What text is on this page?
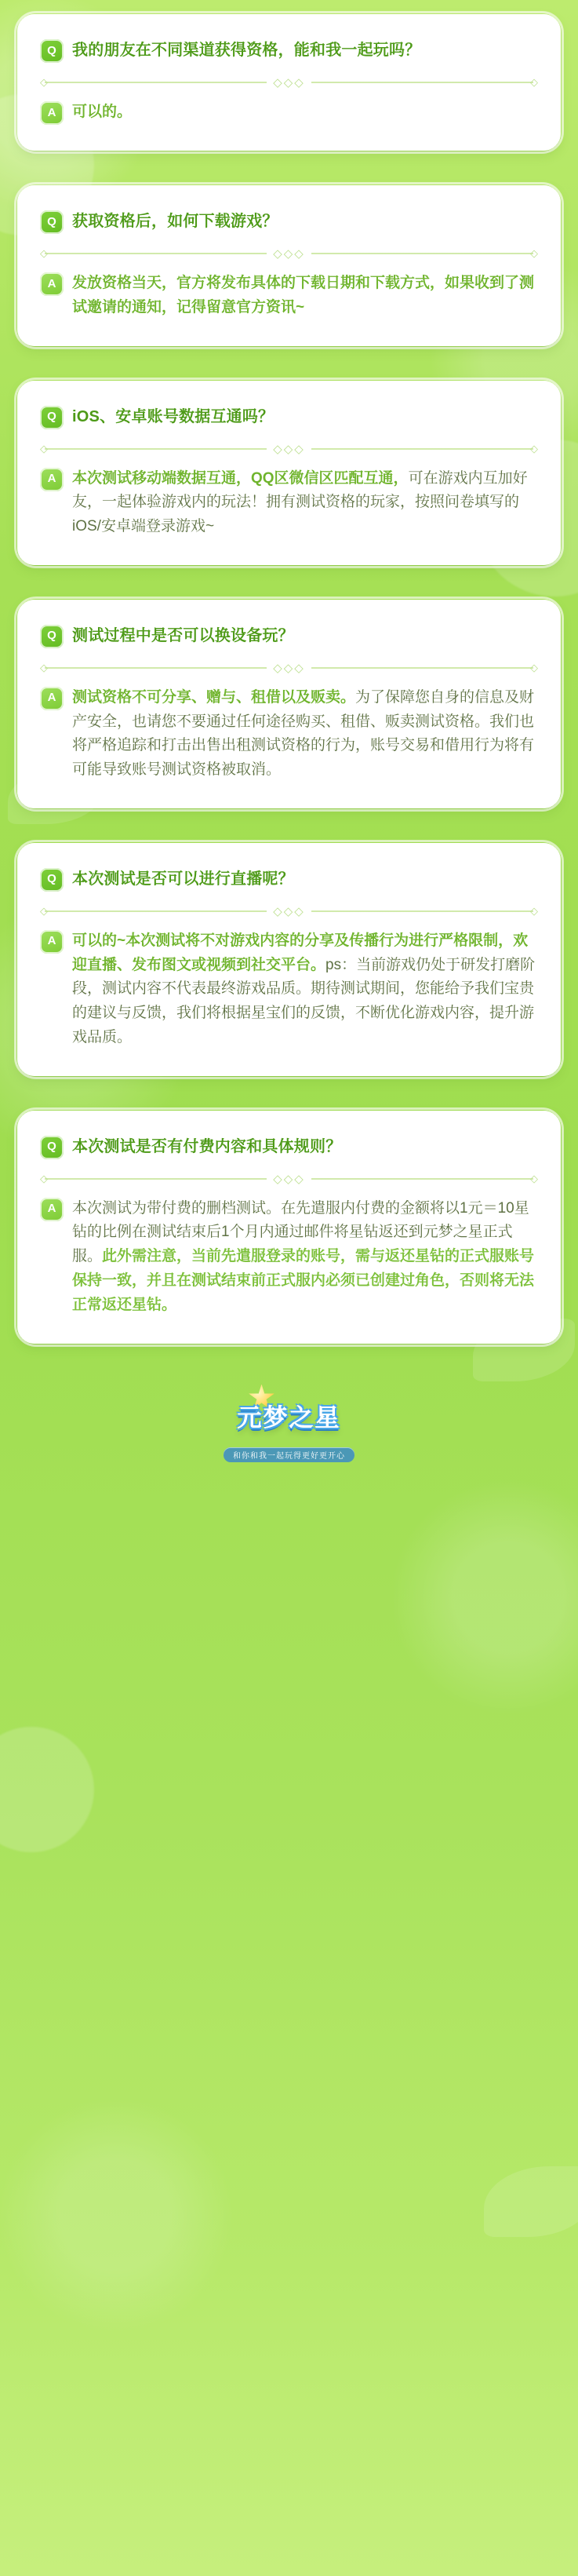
Q 我的朋友在不同渠道获得资格，能和我一起玩吗？
◇	◇◇◇	◇
A 可以的。
Q 获取资格后，如何下载游戏？
◇	◇◇◇	◇
A 发放资格当天，官方将发布具体的下载日期和下载方式，如果收到了测试邀请的通知，记得留意官方资讯~
Q iOS、安卓账号数据互通吗？
◇	◇◇◇	◇
A 本次测试移动端数据互通，QQ区微信区匹配互通，可在游戏内互加好友，一起体验游戏内的玩法！拥有测试资格的玩家，按照问卷填写的iOS/安卓端登录游戏~
Q 测试过程中是否可以换设备玩？
◇	◇◇◇	◇
A 测试资格不可分享、赠与、租借以及贩卖。为了保障您自身的信息及财产安全，也请您不要通过任何途径购买、租借、贩卖测试资格。我们也将严格追踪和打击出售出租测试资格的行为，账号交易和借用行为将有可能导致账号测试资格被取消。
Q 本次测试是否可以进行直播呢？
◇	◇◇◇	◇
A 可以的~本次测试将不对游戏内容的分享及传播行为进行严格限制，欢迎直播、发布图文或视频到社交平台。ps：当前游戏仍处于研发打磨阶段，测试内容不代表最终游戏品质。期待测试期间，您能给予我们宝贵的建议与反馈，我们将根据星宝们的反馈，不断优化游戏内容，提升游戏品质。
Q 本次测试是否有付费内容和具体规则？
◇	◇◇◇	◇
A 本次测试为带付费的删档测试。在先遣服内付费的金额将以1元＝10星钻的比例在测试结束后1个月内通过邮件将星钻返还到元梦之星正式服。此外需注意，当前先遣服登录的账号，需与返还星钻的正式服账号保持一致，并且在测试结束前正式服内必须已创建过角色，否则将无法正常返还星钻。
元梦之星
和你和我一起玩得更好更开心
